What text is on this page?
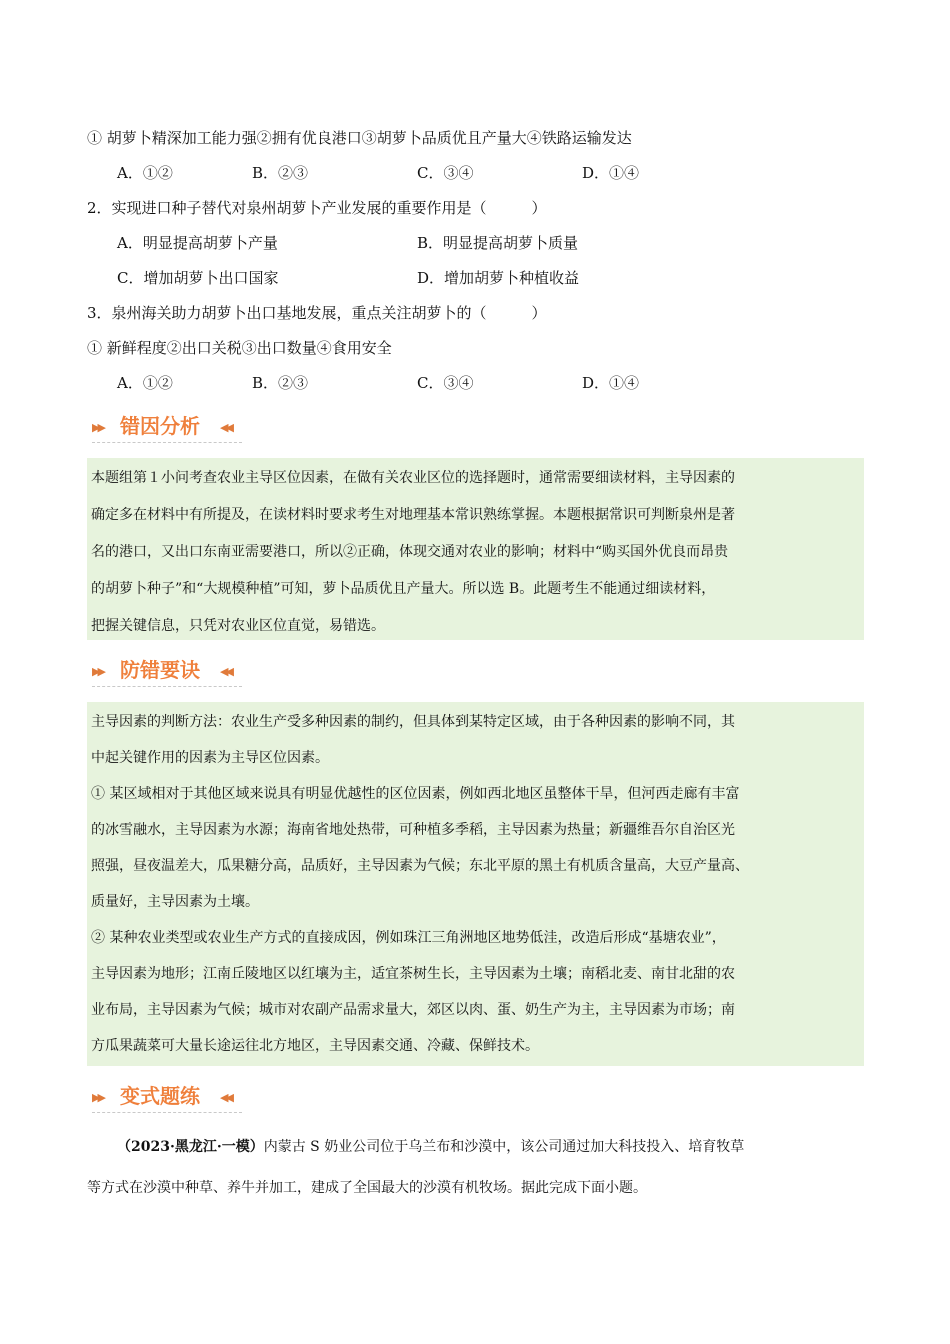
① 胡萝卜精深加工能力强②拥有优良港口③胡萝卜品质优且产量大④铁路运输发达
A．①②	B．②③	C．③④	D．①④
2．实现进口种子替代对泉州胡萝卜产业发展的重要作用是（　　　）
A．明显提高胡萝卜产量	B．明显提高胡萝卜质量
C．增加胡萝卜出口国家	D．增加胡萝卜种植收益
3．泉州海关助力胡萝卜出口基地发展，重点关注胡萝卜的（　　　）
① 新鲜程度②出口关税③出口数量④食用安全
A．①②	B．②③	C．③④	D．①④
▶▶ 错因分析 ◀◀
本题组第１小问考查农业主导区位因素，在做有关农业区位的选择题时，通常需要细读材料，主导因素的
确定多在材料中有所提及，在读材料时要求考生对地理基本常识熟练掌握。本题根据常识可判断泉州是著
名的港口，又出口东南亚需要港口，所以②正确，体现交通对农业的影响；材料中“购买国外优良而昂贵
的胡萝卜种子”和“大规模种植”可知，萝卜品质优且产量大。所以选 B。此题考生不能通过细读材料，
把握关键信息，只凭对农业区位直觉，易错选。
▶▶ 防错要诀 ◀◀
主导因素的判断方法：农业生产受多种因素的制约，但具体到某特定区域，由于各种因素的影响不同，其
中起关键作用的因素为主导区位因素。
① 某区域相对于其他区域来说具有明显优越性的区位因素，例如西北地区虽整体干旱，但河西走廊有丰富
的冰雪融水，主导因素为水源；海南省地处热带，可种植多季稻，主导因素为热量；新疆维吾尔自治区光
照强，昼夜温差大，瓜果糖分高，品质好，主导因素为气候；东北平原的黑土有机质含量高，大豆产量高、
质量好，主导因素为土壤。
② 某种农业类型或农业生产方式的直接成因，例如珠江三角洲地区地势低洼，改造后形成“基塘农业”，
主导因素为地形；江南丘陵地区以红壤为主，适宜茶树生长，主导因素为土壤；南稻北麦、南甘北甜的农
业布局，主导因素为气候；城市对农副产品需求量大，郊区以肉、蛋、奶生产为主，主导因素为市场；南
方瓜果蔬菜可大量长途运往北方地区，主导因素交通、冷藏、保鲜技术。
▶▶ 变式题练 ◀◀
（2023·黑龙江·一模）内蒙古 S 奶业公司位于乌兰布和沙漠中，该公司通过加大科技投入、培育牧草
等方式在沙漠中种草、养牛并加工，建成了全国最大的沙漠有机牧场。据此完成下面小题。
